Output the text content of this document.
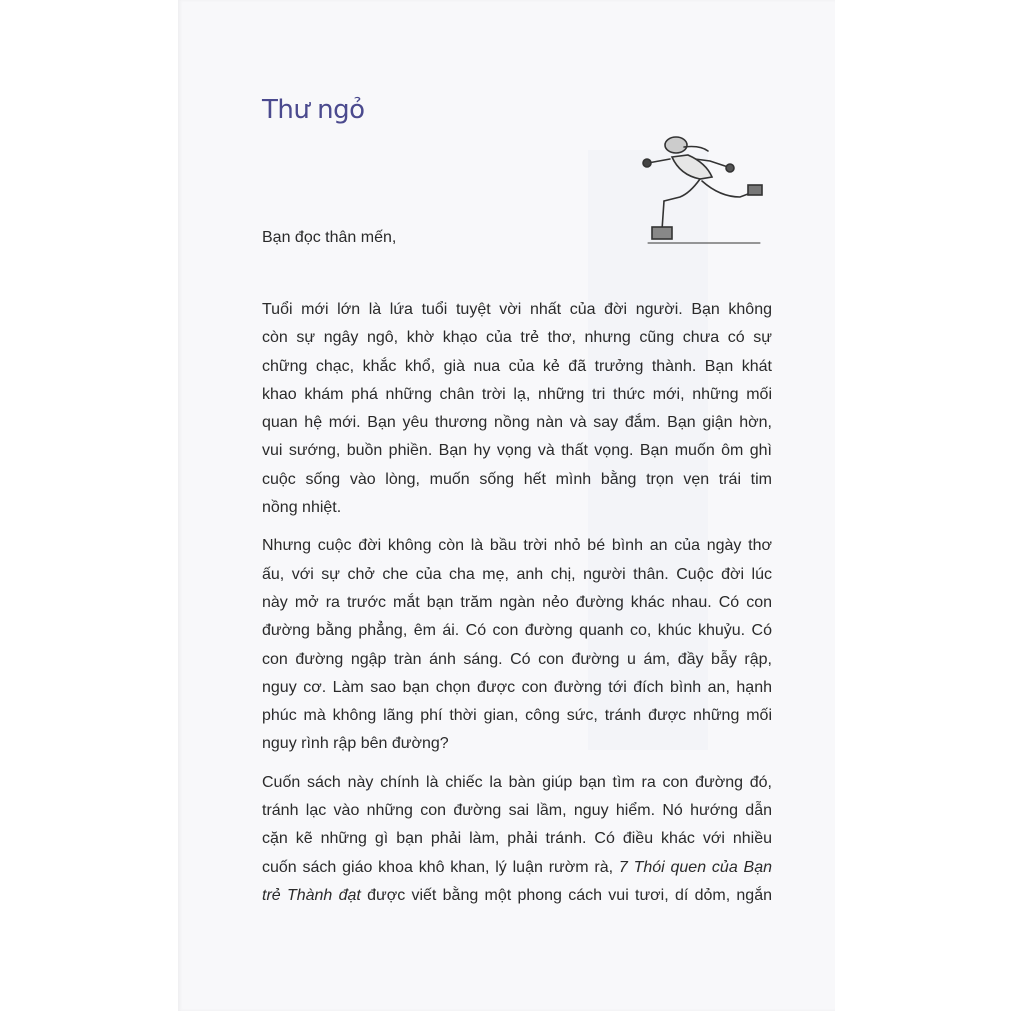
Thư ngỏ
Bạn đọc thân mến,
Tuổi mới lớn là lứa tuổi tuyệt vời nhất của đời người. Bạn không
còn sự ngây ngô, khờ khạo của trẻ thơ, nhưng cũng chưa có sự
chững chạc, khắc khổ, già nua của kẻ đã trưởng thành. Bạn khát
khao khám phá những chân trời lạ, những tri thức mới, những mối
quan hệ mới. Bạn yêu thương nồng nàn và say đắm. Bạn giận hờn,
vui sướng, buồn phiền. Bạn hy vọng và thất vọng. Bạn muốn ôm ghì
cuộc sống vào lòng, muốn sống hết mình bằng trọn vẹn trái tim
nồng nhiệt.
Nhưng cuộc đời không còn là bầu trời nhỏ bé bình an của ngày thơ
ấu, với sự chở che của cha mẹ, anh chị, người thân. Cuộc đời lúc
này mở ra trước mắt bạn trăm ngàn nẻo đường khác nhau. Có con
đường bằng phẳng, êm ái. Có con đường quanh co, khúc khuỷu. Có
con đường ngập tràn ánh sáng. Có con đường u ám, đầy bẫy rập,
nguy cơ. Làm sao bạn chọn được con đường tới đích bình an, hạnh
phúc mà không lãng phí thời gian, công sức, tránh được những mối
nguy rình rập bên đường?
Cuốn sách này chính là chiếc la bàn giúp bạn tìm ra con đường đó,
tránh lạc vào những con đường sai lầm, nguy hiểm. Nó hướng dẫn
cặn kẽ những gì bạn phải làm, phải tránh. Có điều khác với nhiều
cuốn sách giáo khoa khô khan, lý luận rườm rà, 7 Thói quen của Bạn
trẻ Thành đạt được viết bằng một phong cách vui tươi, dí dỏm, ngắn
